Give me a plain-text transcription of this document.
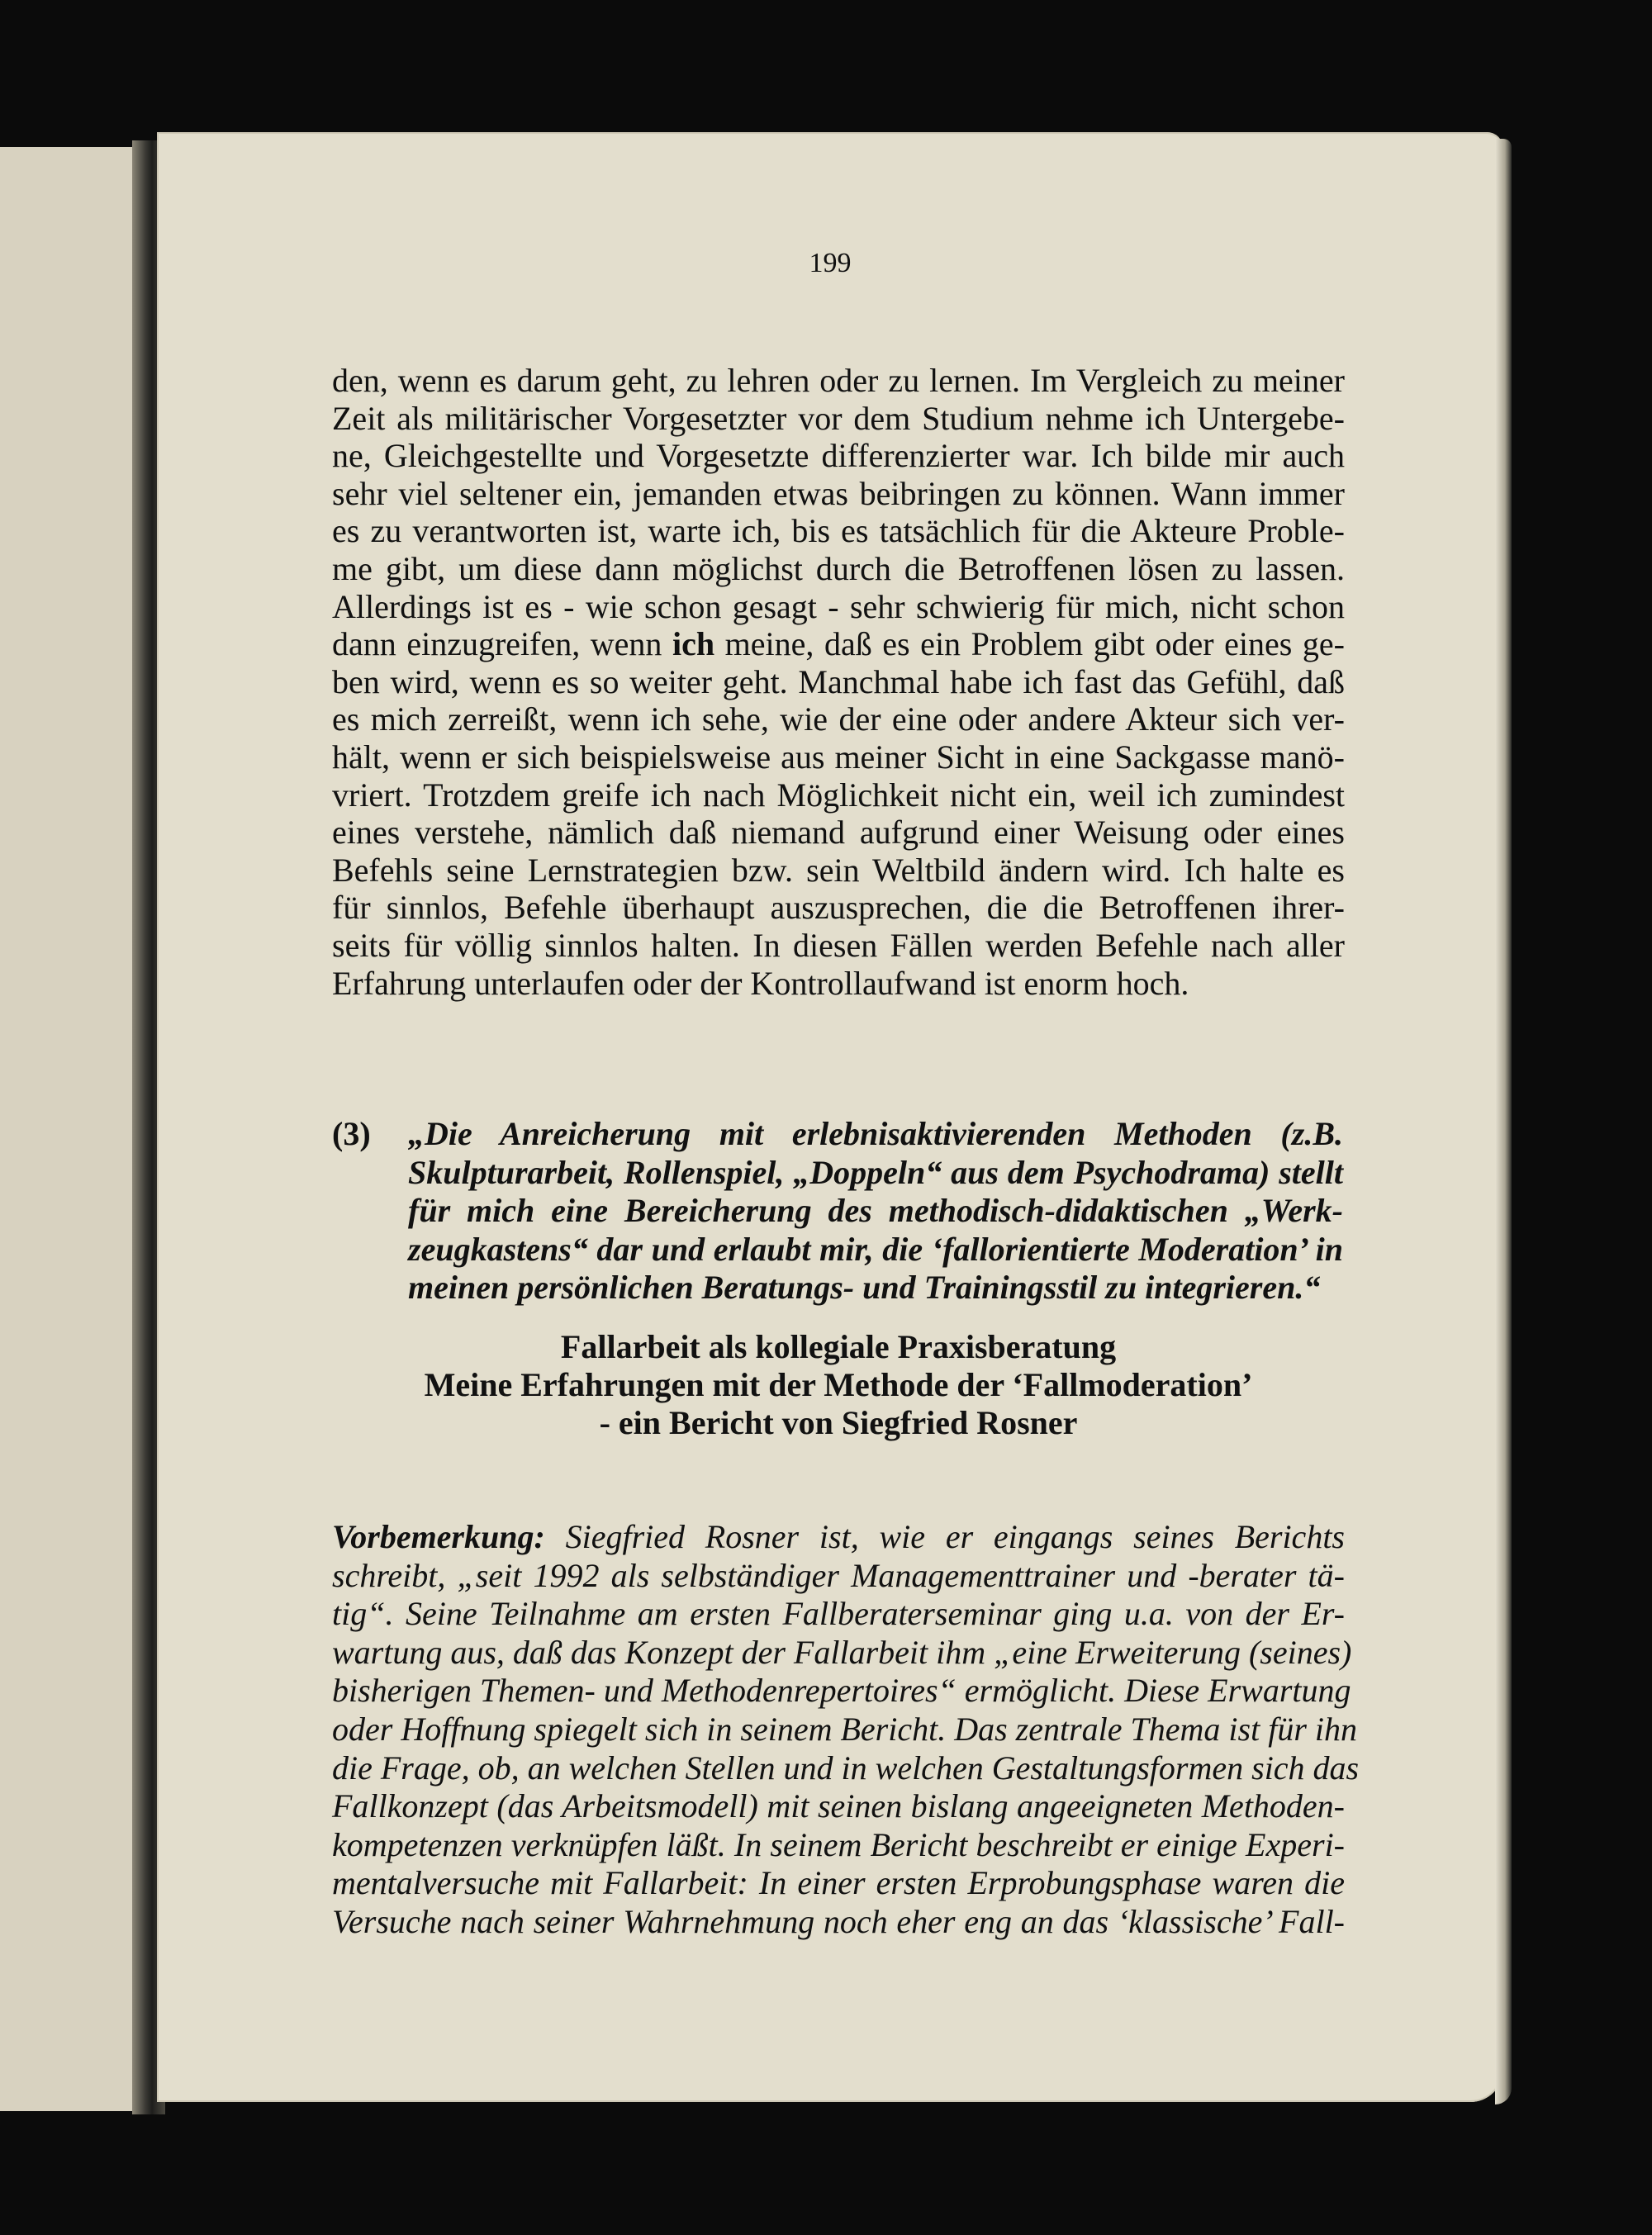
199
den, wenn es darum geht, zu lehren oder zu lernen. Im Vergleich zu meiner
Zeit als militärischer Vorgesetzter vor dem Studium nehme ich Untergebe-
ne, Gleichgestellte und Vorgesetzte differenzierter war. Ich bilde mir auch
sehr viel seltener ein, jemanden etwas beibringen zu können. Wann immer
es zu verantworten ist, warte ich, bis es tatsächlich für die Akteure Proble-
me gibt, um diese dann möglichst durch die Betroffenen lösen zu lassen.
Allerdings ist es - wie schon gesagt - sehr schwierig für mich, nicht schon
dann einzugreifen, wenn ich meine, daß es ein Problem gibt oder eines ge-
ben wird, wenn es so weiter geht. Manchmal habe ich fast das Gefühl, daß
es mich zerreißt, wenn ich sehe, wie der eine oder andere Akteur sich ver-
hält, wenn er sich beispielsweise aus meiner Sicht in eine Sackgasse manö-
vriert. Trotzdem greife ich nach Möglichkeit nicht ein, weil ich zumindest
eines verstehe, nämlich daß niemand aufgrund einer Weisung oder eines
Befehls seine Lernstrategien bzw. sein Weltbild ändern wird. Ich halte es
für sinnlos, Befehle überhaupt auszusprechen, die die Betroffenen ihrer-
seits für völlig sinnlos halten. In diesen Fällen werden Befehle nach aller
Erfahrung unterlaufen oder der Kontrollaufwand ist enorm hoch.
(3) „Die Anreicherung mit erlebnisaktivierenden Methoden (z.B.
Skulpturarbeit, Rollenspiel, „Doppeln“ aus dem Psychodrama) stellt
für mich eine Bereicherung des methodisch-didaktischen „Werk-
zeugkastens“ dar und erlaubt mir, die ‘fallorientierte Moderation’ in
meinen persönlichen Beratungs- und Trainingsstil zu integrieren.“
Fallarbeit als kollegiale Praxisberatung
Meine Erfahrungen mit der Methode der ‘Fallmoderation’
- ein Bericht von Siegfried Rosner
Vorbemerkung: Siegfried Rosner ist, wie er eingangs seines Berichts
schreibt, „seit 1992 als selbständiger Managementtrainer und -berater tä-
tig“. Seine Teilnahme am ersten Fallberaterseminar ging u.a. von der Er-
wartung aus, daß das Konzept der Fallarbeit ihm „eine Erweiterung (seines)
bisherigen Themen- und Methodenrepertoires“ ermöglicht. Diese Erwartung
oder Hoffnung spiegelt sich in seinem Bericht. Das zentrale Thema ist für ihn
die Frage, ob, an welchen Stellen und in welchen Gestaltungsformen sich das
Fallkonzept (das Arbeitsmodell) mit seinen bislang angeeigneten Methoden-
kompetenzen verknüpfen läßt. In seinem Bericht beschreibt er einige Experi-
mentalversuche mit Fallarbeit: In einer ersten Erprobungsphase waren die
Versuche nach seiner Wahrnehmung noch eher eng an das ‘klassische’ Fall-
